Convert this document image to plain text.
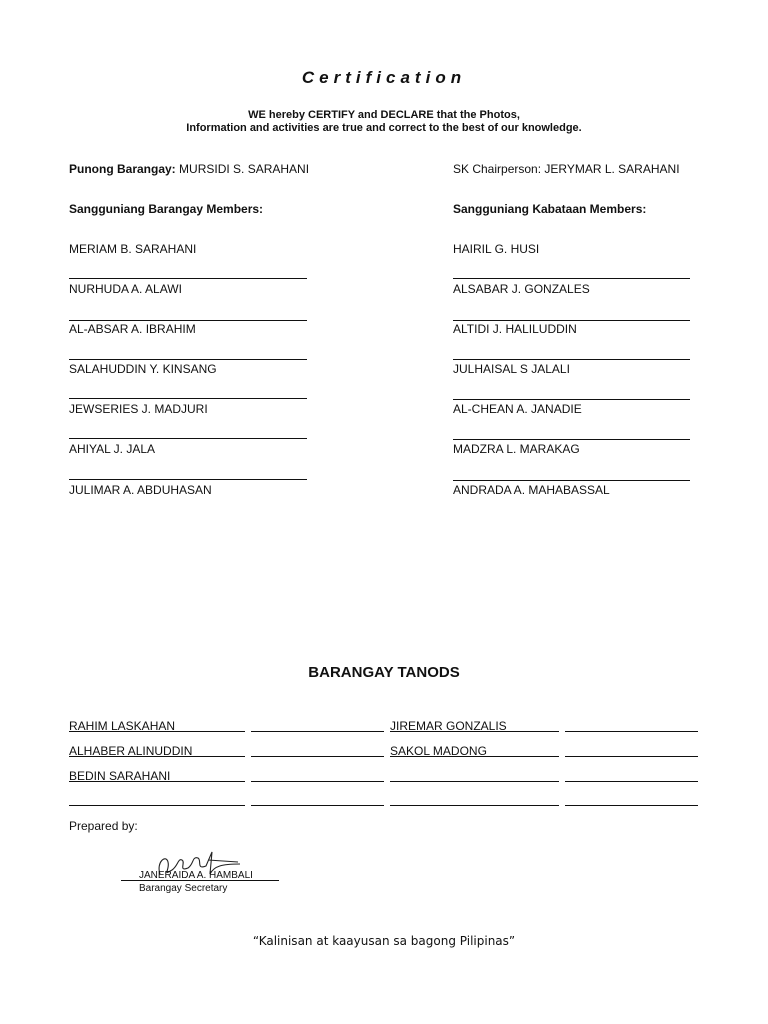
Certification
WE hereby CERTIFY and DECLARE that the Photos,
Information and activities are true and correct to the best of our knowledge.
Punong Barangay: MURSIDI S. SARAHANI	SK Chairperson: JERYMAR L. SARAHANI
Sangguniang Barangay Members:	Sangguniang Kabataan Members:
MERIAM B. SARAHANI
NURHUDA A. ALAWI
AL-ABSAR A. IBRAHIM
SALAHUDDIN Y. KINSANG
JEWSERIES J. MADJURI
AHIYAL J. JALA
JULIMAR A. ABDUHASAN
HAIRIL G. HUSI
ALSABAR J. GONZALES
ALTIDI J. HALILUDDIN
JULHAISAL S JALALI
AL-CHEAN A. JANADIE
MADZRA L. MARAKAG
ANDRADA A. MAHABASSAL
BARANGAY TANODS
RAHIM LASKAHAN
ALHABER ALINUDDIN
BEDIN SARAHANI
JIREMAR GONZALIS
SAKOL MADONG
Prepared by:
JANERAIDA A. HAMBALI
Barangay Secretary
“Kalinisan at kaayusan sa bagong Pilipinas”
